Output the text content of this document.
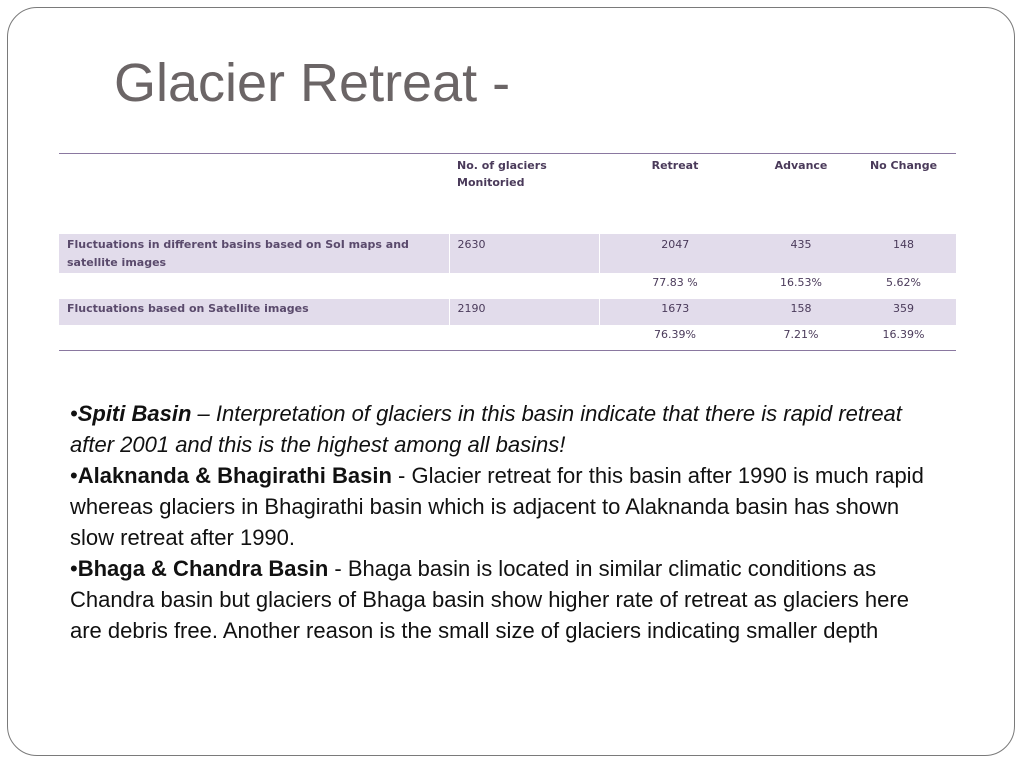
Glacier Retreat -
	No. of glaciers Monitoried	Retreat	Advance	No Change
Fluctuations in different basins based on SoI maps and satellite images	2630	2047	435	148
		77.83 %	16.53%	5.62%
Fluctuations based on Satellite images	2190	1673	158	359
		76.39%	7.21%	16.39%

•Spiti Basin – Interpretation of glaciers in this basin indicate that there is rapid retreat after 2001 and this is the highest among all basins!

•Alaknanda & Bhagirathi Basin - Glacier retreat for this basin after 1990 is much rapid whereas glaciers in Bhagirathi basin which is adjacent to Alaknanda basin has shown slow retreat after 1990.

•Bhaga & Chandra Basin - Bhaga basin is located in similar climatic conditions as Chandra basin but glaciers of Bhaga basin show higher rate of retreat as glaciers here are debris free. Another reason is the small size of glaciers indicating smaller depth
